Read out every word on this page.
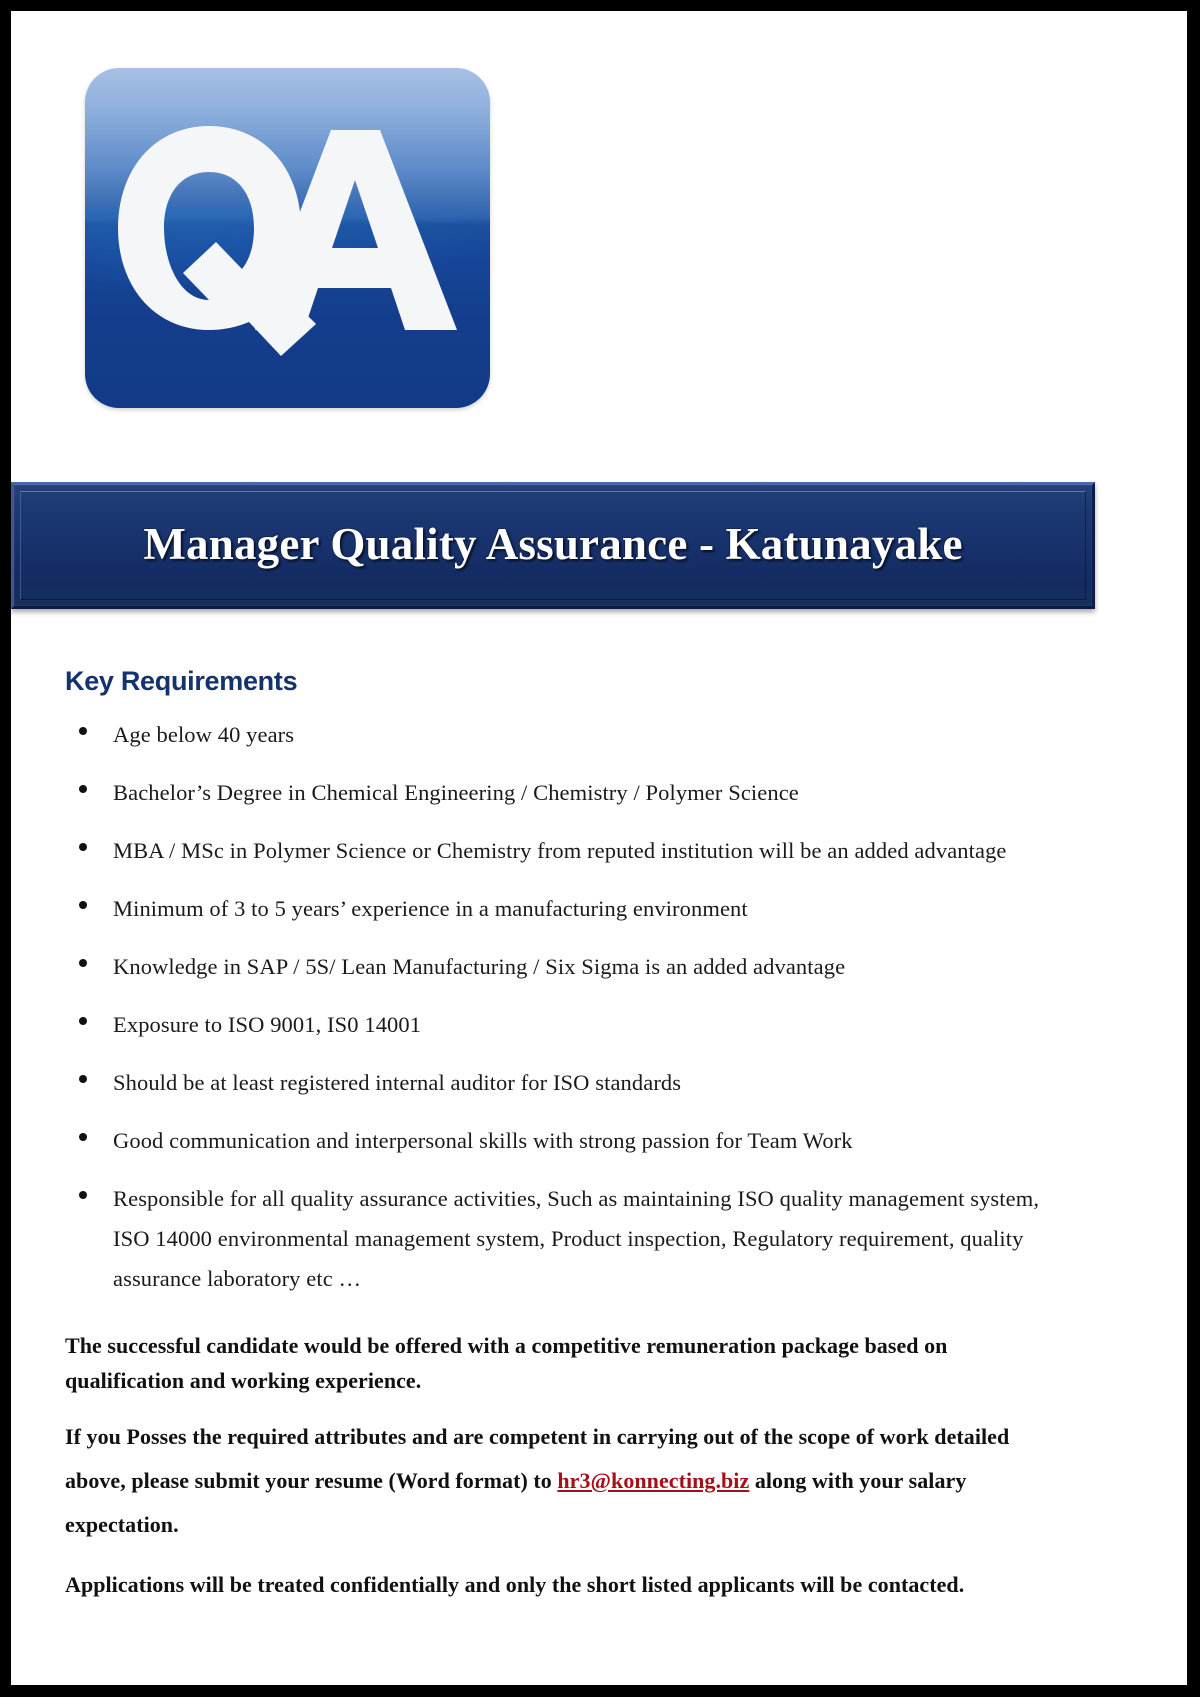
Manager Quality Assurance - Katunayake
Key Requirements
Age below 40 years
Bachelor’s Degree in Chemical Engineering / Chemistry / Polymer Science
MBA / MSc in Polymer Science or Chemistry from reputed institution will be an added advantage
Minimum of 3 to 5 years’ experience in a manufacturing environment
Knowledge in SAP / 5S/ Lean Manufacturing / Six Sigma is an added advantage
Exposure to ISO 9001, IS0 14001
Should be at least registered internal auditor for ISO standards
Good communication and interpersonal skills with strong passion for Team Work
Responsible for all quality assurance activities, Such as maintaining ISO quality management system, ISO 14000 environmental management system, Product inspection, Regulatory requirement, quality assurance laboratory etc …

The successful candidate would be offered with a competitive remuneration package based on qualification and working experience.

If you Posses the required attributes and are competent in carrying out of the scope of work detailed above, please submit your resume (Word format) to hr3@konnecting.biz along with your salary expectation.

Applications will be treated confidentially and only the short listed applicants will be contacted.
